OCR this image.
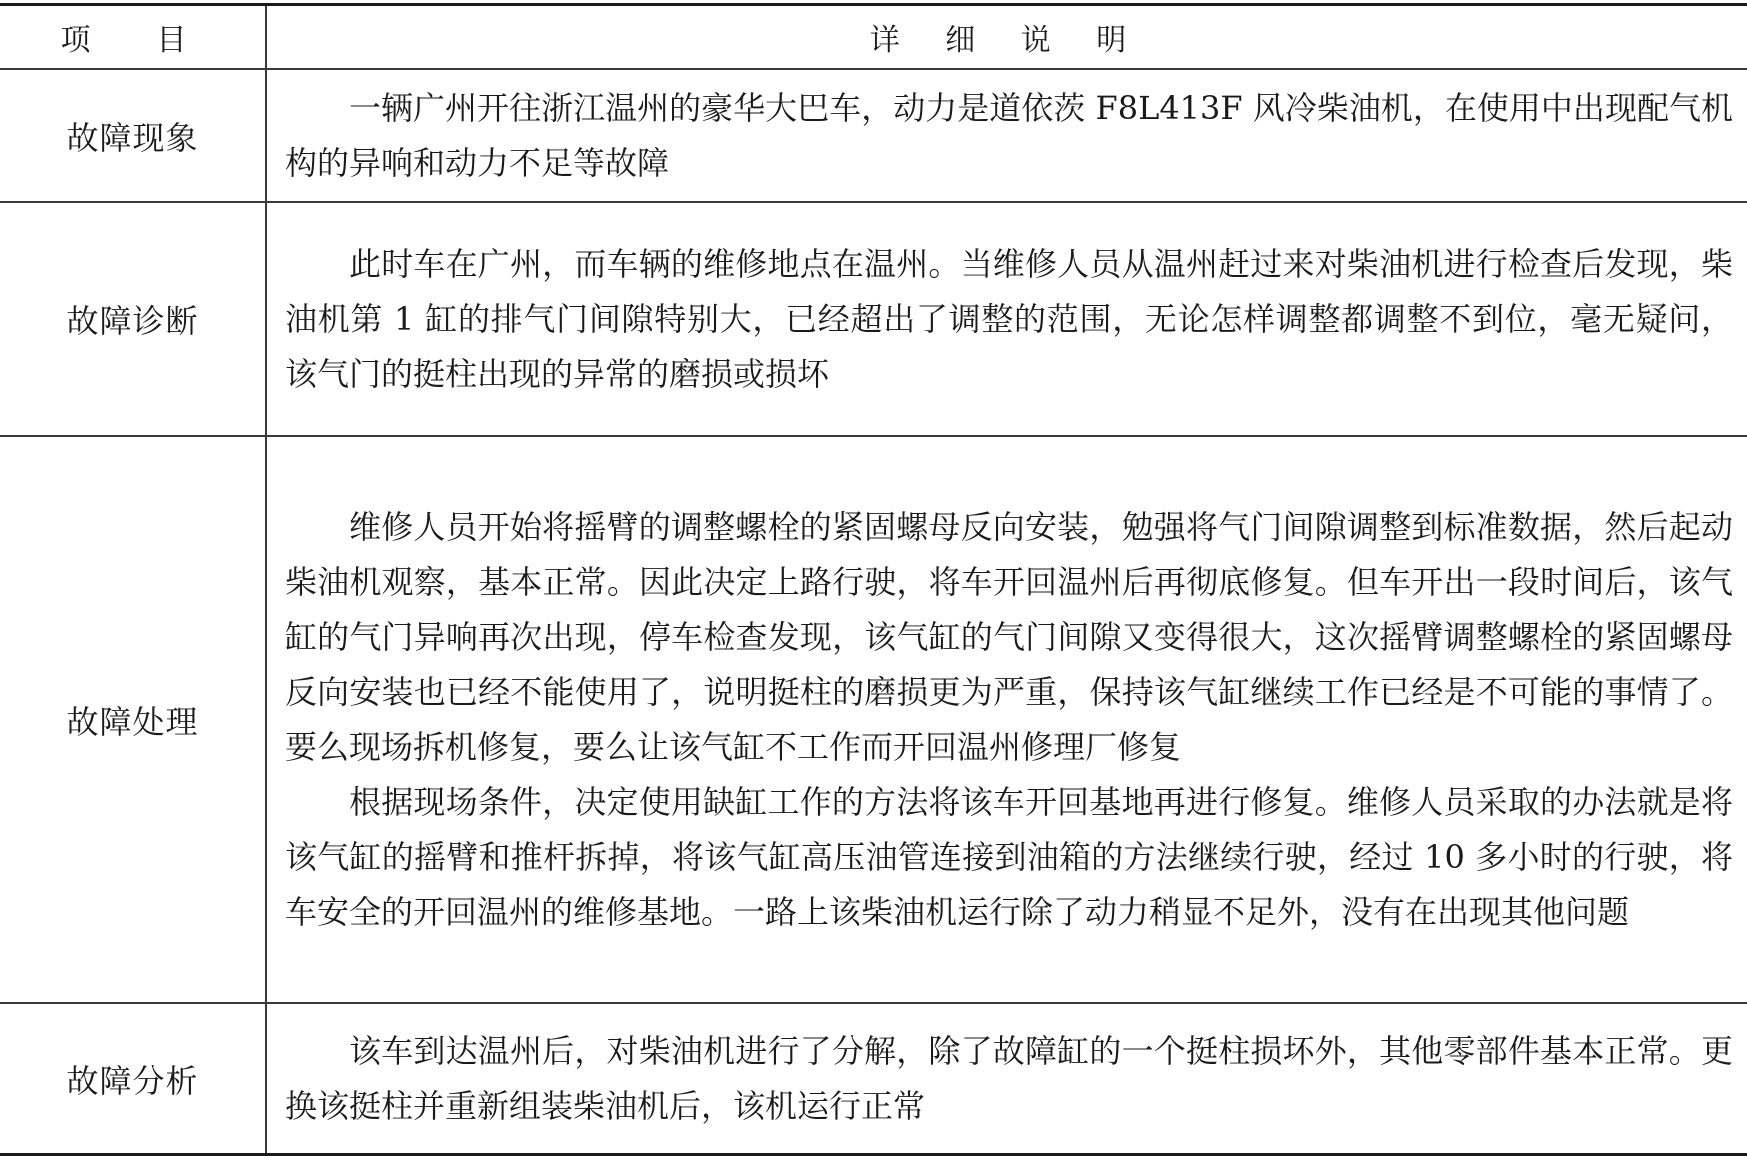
项　目	详 细 说 明
故障现象	一辆广州开往浙江温州的豪华大巴车，动力是道依茨 F8L413F 风冷柴油机，在使用中出现配气机构的异响和动力不足等故障

故障诊断	此时车在广州，而车辆的维修地点在温州。当维修人员从温州赶过来对柴油机进行检查后发现，柴油机第 1 缸的排气门间隙特别大，已经超出了调整的范围，无论怎样调整都调整不到位，毫无疑问，该气门的挺柱出现的异常的磨损或损坏

故障处理	维修人员开始将摇臂的调整螺栓的紧固螺母反向安装，勉强将气门间隙调整到标准数据，然后起动柴油机观察，基本正常。因此决定上路行驶，将车开回温州后再彻底修复。但车开出一段时间后，该气缸的气门异响再次出现，停车检查发现，该气缸的气门间隙又变得很大，这次摇臂调整螺栓的紧固螺母反向安装也已经不能使用了，说明挺柱的磨损更为严重，保持该气缸继续工作已经是不可能的事情了。要么现场拆机修复，要么让该气缸不工作而开回温州修理厂修复

根据现场条件，决定使用缺缸工作的方法将该车开回基地再进行修复。维修人员采取的办法就是将该气缸的摇臂和推杆拆掉，将该气缸高压油管连接到油箱的方法继续行驶，经过 10 多小时的行驶，将车安全的开回温州的维修基地。一路上该柴油机运行除了动力稍显不足外，没有在出现其他问题

故障分析	该车到达温州后，对柴油机进行了分解，除了故障缸的一个挺柱损坏外，其他零部件基本正常。更换该挺柱并重新组装柴油机后，该机运行正常
